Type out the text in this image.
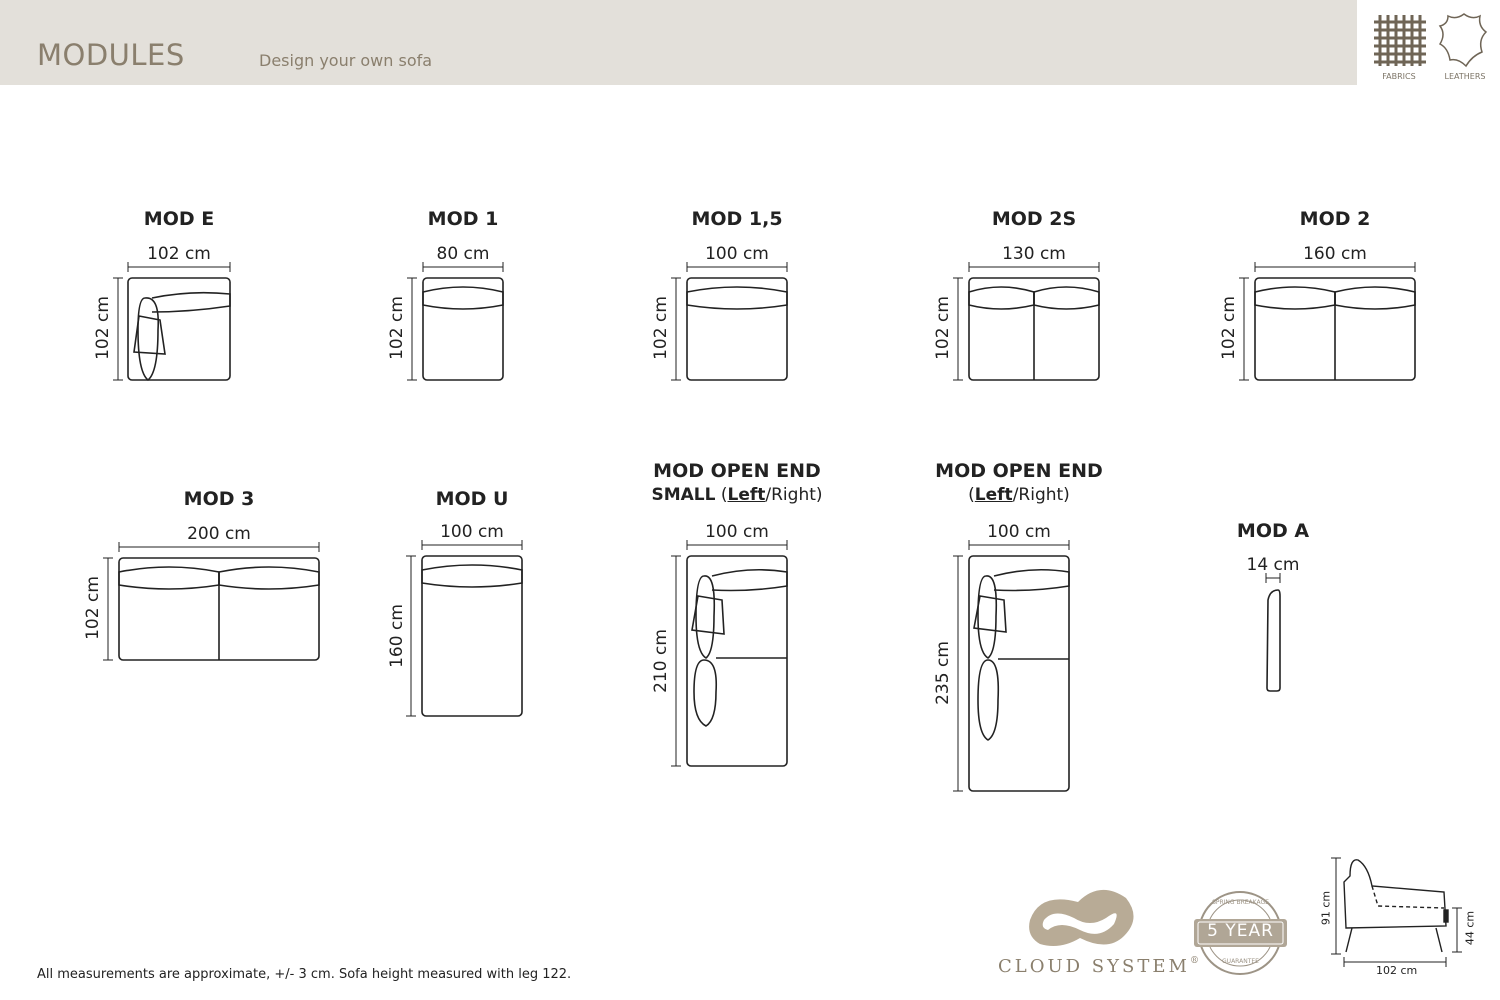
MODULES	Design your own sofa
FABRICS	LEATHERS
MOD E
102 cm
102 cm
MOD 1
80 cm
102 cm
MOD 1,5
100 cm
102 cm
MOD 2S
130 cm
102 cm
MOD 2
160 cm
102 cm
MOD 3
200 cm
102 cm
MOD U
100 cm
160 cm
MOD OPEN END
SMALL (Left/Right)
100 cm
210 cm
MOD OPEN END
(Left/Right)
100 cm
235 cm
MOD A
14 cm
91 cm
44 cm
102 cm
5 YEAR
SPRING BREAKAGE
GUARANTEE
CLOUD SYSTEM®
All measurements are approximate, +/- 3 cm. Sofa height measured with leg 122.
